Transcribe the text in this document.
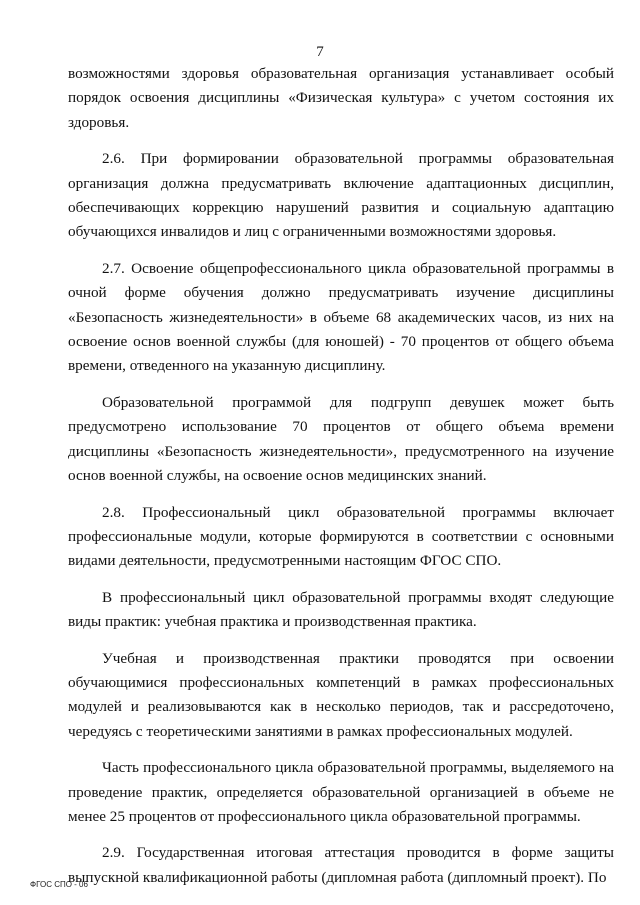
7

возможностями здоровья образовательная организация устанавливает особый порядок освоения дисциплины «Физическая культура» с учетом состояния их здоровья.

2.6. При формировании образовательной программы образовательная организация должна предусматривать включение адаптационных дисциплин, обеспечивающих коррекцию нарушений развития и социальную адаптацию обучающихся инвалидов и лиц с ограниченными возможностями здоровья.

2.7. Освоение общепрофессионального цикла образовательной программы в очной форме обучения должно предусматривать изучение дисциплины «Безопасность жизнедеятельности» в объеме 68 академических часов, из них на освоение основ военной службы (для юношей) - 70 процентов от общего объема времени, отведенного на указанную дисциплину.

Образовательной программой для подгрупп девушек может быть предусмотрено использование 70 процентов от общего объема времени дисциплины «Безопасность жизнедеятельности», предусмотренного на изучение основ военной службы, на освоение основ медицинских знаний.

2.8. Профессиональный цикл образовательной программы включает профессиональные модули, которые формируются в соответствии с основными видами деятельности, предусмотренными настоящим ФГОС СПО.

В профессиональный цикл образовательной программы входят следующие виды практик: учебная практика и производственная практика.

Учебная и производственная практики проводятся при освоении обучающимися профессиональных компетенций в рамках профессиональных модулей и реализовываются как в несколько периодов, так и рассредоточено, чередуясь с теоретическими занятиями в рамках профессиональных модулей.

Часть профессионального цикла образовательной программы, выделяемого на проведение практик, определяется образовательной организацией в объеме не менее 25 процентов от профессионального цикла образовательной программы.

2.9. Государственная итоговая аттестация проводится в форме защиты выпускной квалификационной работы (дипломная работа (дипломный проект). По

ФГОС СПО - 06
